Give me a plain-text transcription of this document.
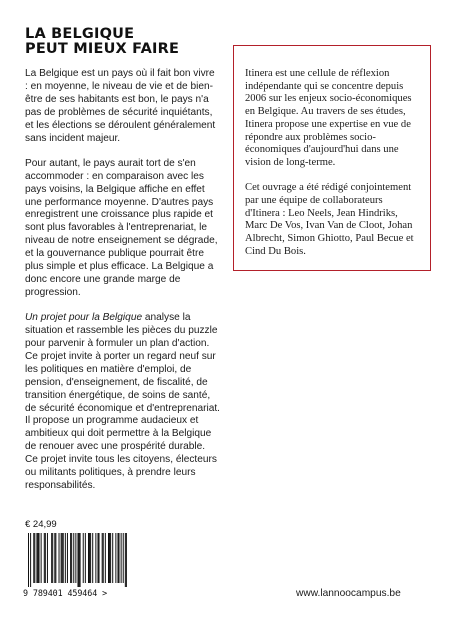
LA BELGIQUE
PEUT MIEUX FAIRE

La Belgique est un pays où il fait bon vivre : en moyenne, le niveau de vie et de bien-être de ses habitants est bon, le pays n'a pas de problèmes de sécurité inquiétants, et les élections se déroulent généralement sans incident majeur.

Pour autant, le pays aurait tort de s'en accommoder : en comparaison avec les pays voisins, la Belgique affiche en effet une performance moyenne. D'autres pays enregistrent une croissance plus rapide et sont plus favorables à l'entreprenariat, le niveau de notre enseignement se dégrade, et la gouvernance publique pourrait être plus simple et plus efficace. La Belgique a donc encore une grande marge de progression.

Un projet pour la Belgique analyse la situation et rassemble les pièces du puzzle pour parvenir à formuler un plan d'action. Ce projet invite à porter un regard neuf sur les politiques en matière d'emploi, de pension, d'enseignement, de fiscalité, de transition énergétique, de soins de santé, de sécurité économique et d'entreprenariat. Il propose un programme audacieux et ambitieux qui doit permettre à la Belgique de renouer avec une prospérité durable. Ce projet invite tous les citoyens, électeurs ou militants politiques, à prendre leurs responsabilités.

Itinera est une cellule de réflexion indépendante qui se concentre depuis 2006 sur les enjeux socio-économiques en Belgique. Au travers de ses études, Itinera propose une expertise en vue de répondre aux problèmes socio-économiques d'aujourd'hui dans une vision de long-terme.

Cet ouvrage a été rédigé conjointement par une équipe de collaborateurs d'Itinera : Leo Neels, Jean Hindriks, Marc De Vos, Ivan Van de Cloot, Johan Albrecht, Simon Ghiotto, Paul Becue et Cind Du Bois.

€ 24,99
9 789401 459464 >	www.lannoocampus.be
